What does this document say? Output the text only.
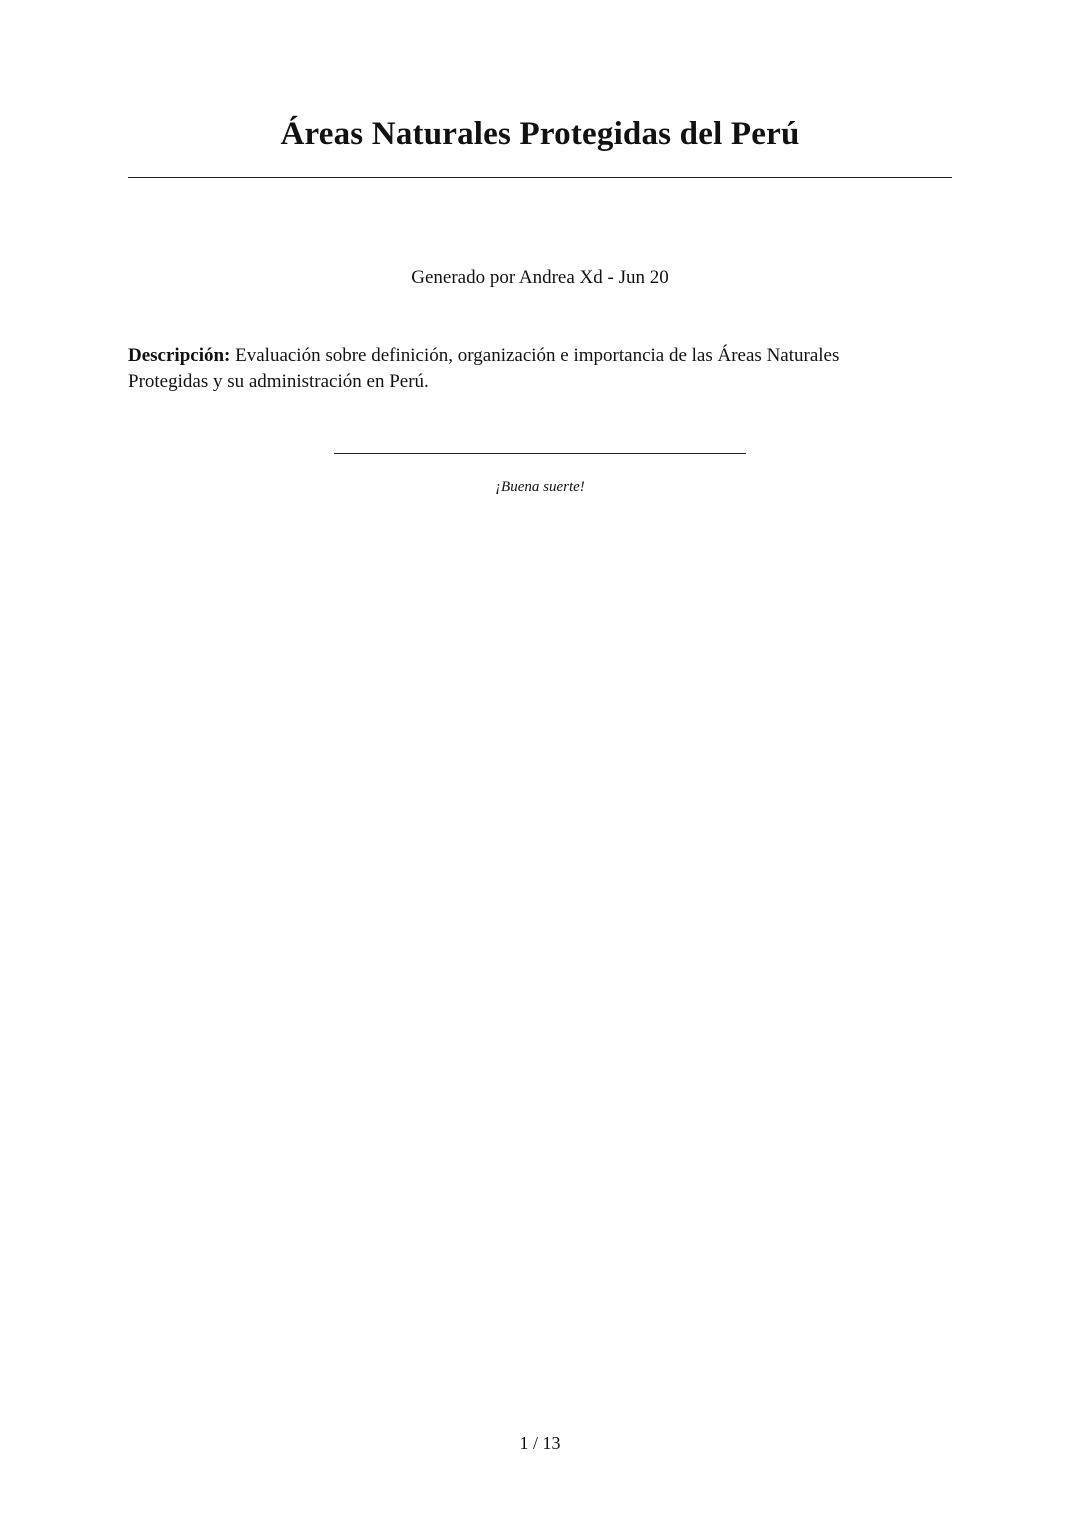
Áreas Naturales Protegidas del Perú
Generado por Andrea Xd - Jun 20

Descripción: Evaluación sobre definición, organización e importancia de las Áreas Naturales Protegidas y su administración en Perú.

¡Buena suerte!
1 / 13
